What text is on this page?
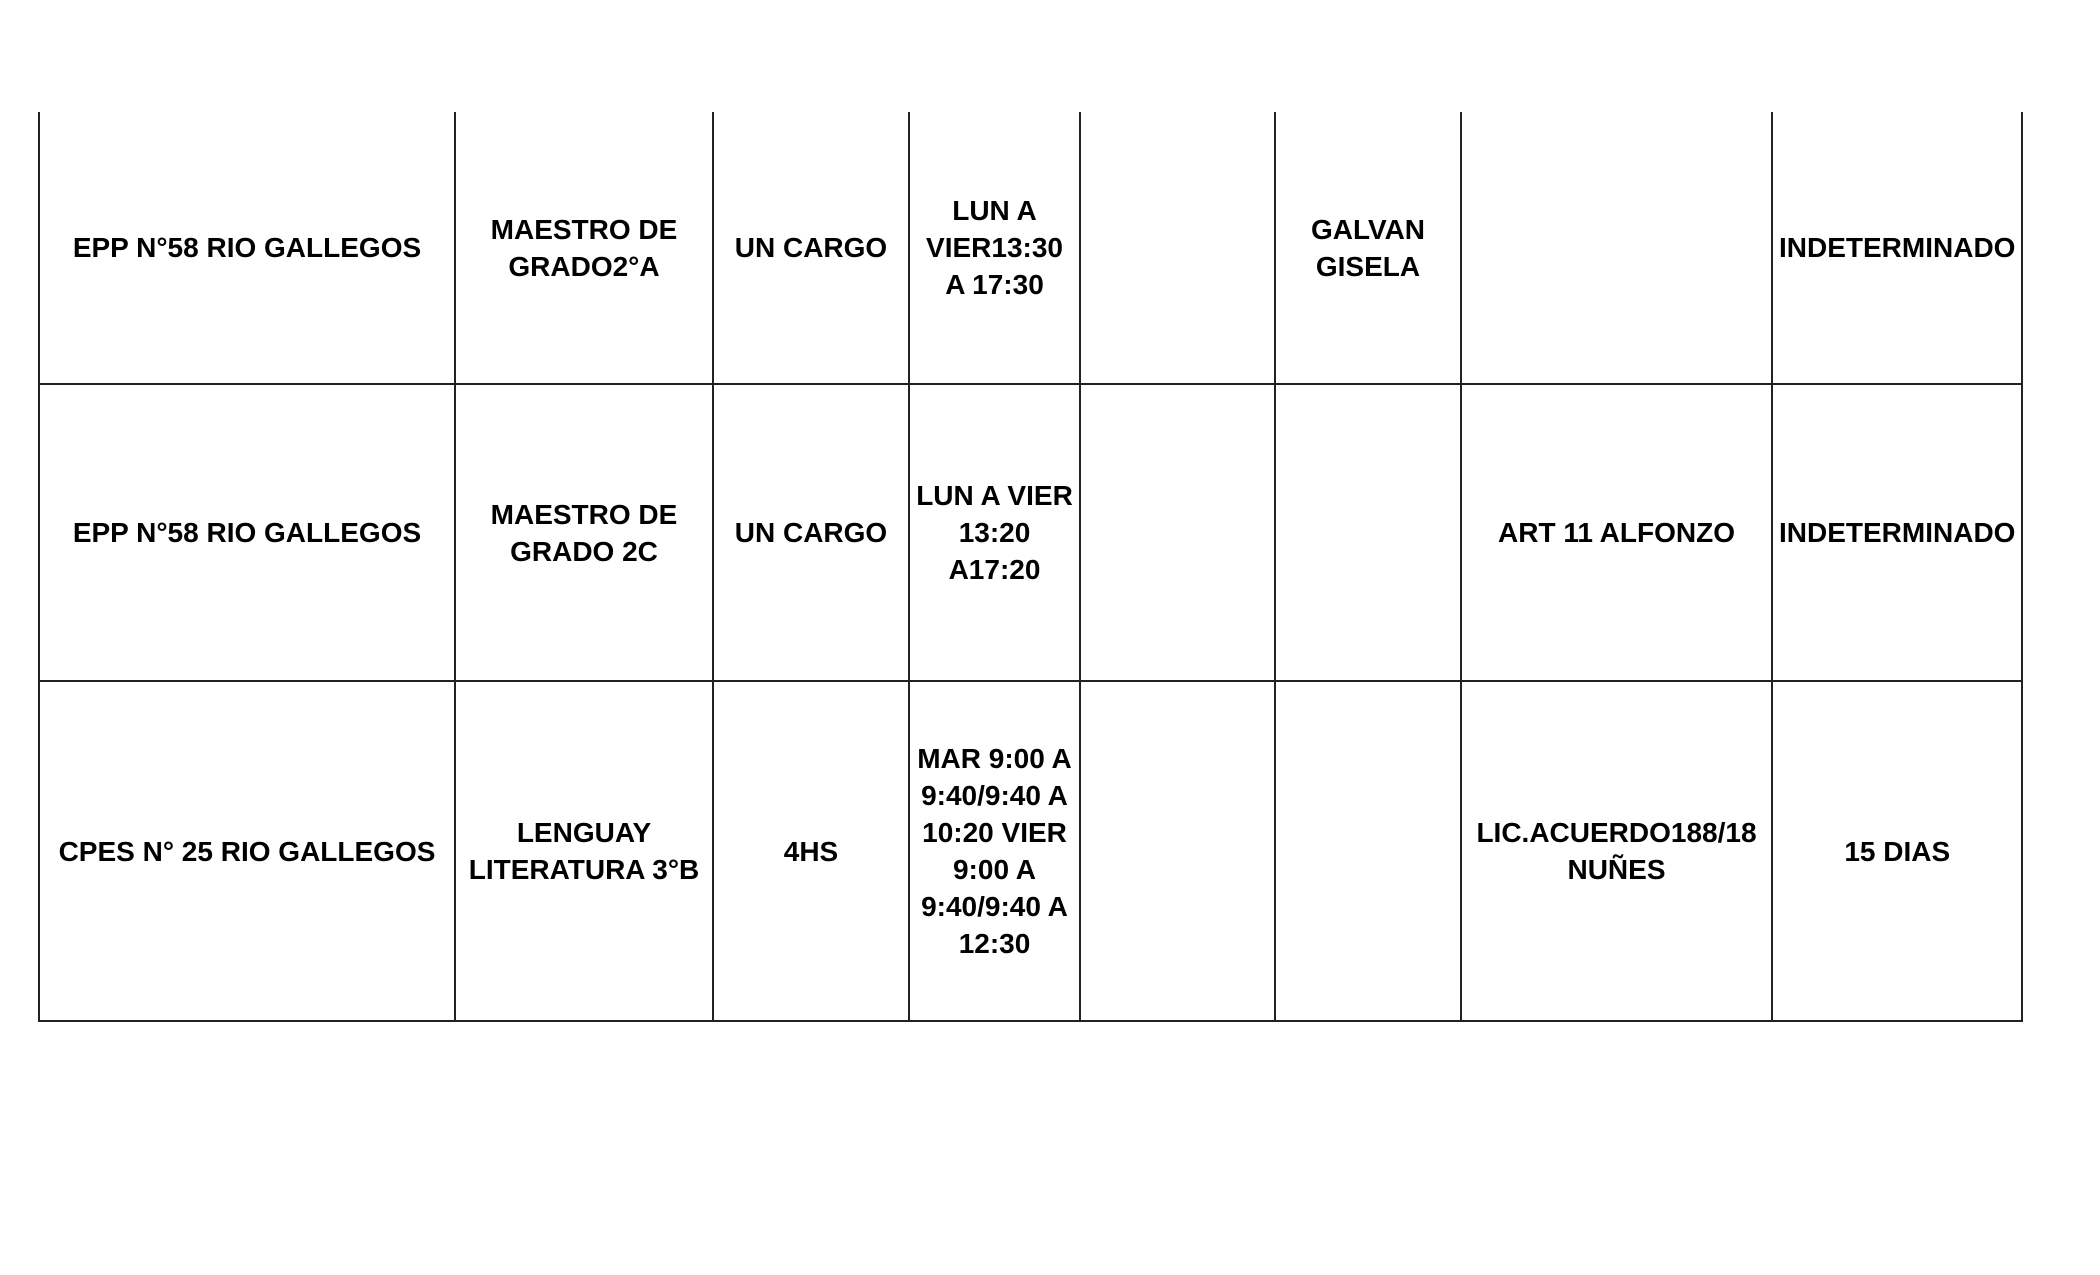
EPP N°58 RIO GALLEGOS	MAESTRO DE GRADO2°A	UN CARGO	LUN A VIER13:30 A 17:30		GALVAN GISELA		INDETERMINADO
EPP N°58 RIO GALLEGOS	MAESTRO DE GRADO 2C	UN CARGO	LUN A VIER 13:20 A17:20			ART 11 ALFONZO	INDETERMINADO
CPES N° 25 RIO GALLEGOS	LENGUAY LITERATURA 3°B	4HS	MAR 9:00 A 9:40/9:40 A 10:20 VIER 9:00 A 9:40/9:40 A 12:30			LIC.ACUERDO188/18 NUÑES	15 DIAS
